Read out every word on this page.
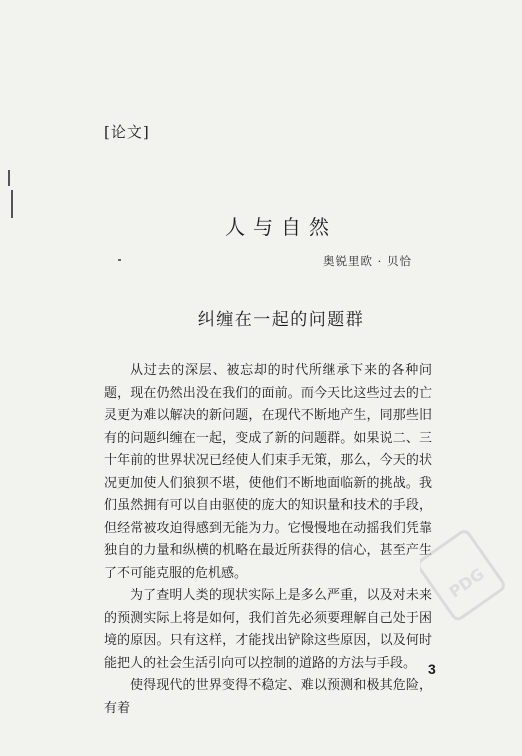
[论文]
人与自然
奥锐里欧 · 贝恰
纠缠在一起的问题群

从过去的深层、被忘却的时代所继承下来的各种问题，现在仍然出没在我们的面前。而今天比这些过去的亡灵更为难以解决的新问题，在现代不断地产生，同那些旧有的问题纠缠在一起，变成了新的问题群。如果说二、三十年前的世界状况已经使人们束手无策，那么，今天的状况更加使人们狼狈不堪，使他们不断地面临新的挑战。我们虽然拥有可以自由驱使的庞大的知识量和技术的手段，但经常被攻迫得感到无能为力。它慢慢地在动摇我们凭靠独自的力量和纵横的机略在最近所获得的信心，甚至产生了不可能克服的危机感。

为了查明人类的现状实际上是多么严重，以及对未来的预测实际上将是如何，我们首先必须要理解自己处于困境的原因。只有这样，才能找出铲除这些原因，以及何时能把人的社会生活引向可以控制的道路的方法与手段。

使得现代的世界变得不稳定、难以预测和极其危险，有着

PDG
3
